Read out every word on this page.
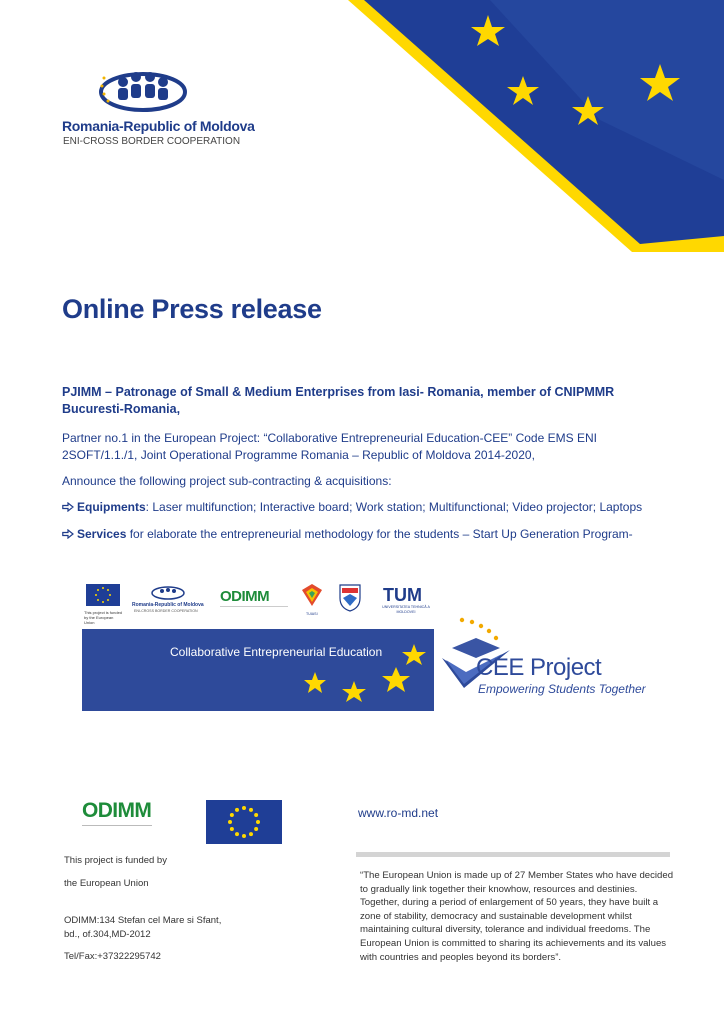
Romania-Republic of Moldova
ENI-CROSS BORDER COOPERATION
Online Press release
PJIMM – Patronage of Small & Medium Enterprises from Iasi- Romania, member of CNIPMMR Bucuresti-Romania,
Partner no.1 in the European Project: “Collaborative Entrepreneurial Education-CEE” Code EMS ENI 2SOFT/1.1./1, Joint Operational Programme Romania – Republic of Moldova 2014-2020,
Announce the following project sub-contracting & acquisitions:
Equipments: Laser multifunction; Interactive board; Work station; Multifunctional; Video projector; Laptops
Services for elaborate the entrepreneurial methodology for the students – Start Up Generation Program-
This project is funded by the European Union
Romania-Republic of Moldova
ENI-CROSS BORDER COOPERATION
ODIMM
TUIASI
TUM
UNIVERSITATEA TEHNICĂ A MOLDOVEI
Collaborative Entrepreneurial Education
CEE Project
Empowering Students Together
ODIMM	www.ro-md.net
This project is funded by
the European Union
ODIMM:134 Stefan cel Mare si Sfant, bd., of.304,MD-2012
Tel/Fax:+37322295742
“The European Union is made up of 27 Member States who have decided to gradually link together their knowhow, resources and destinies. Together, during a period of enlargement of 50 years, they have built a zone of stability, democracy and sustainable development whilst maintaining cultural diversity, tolerance and individual freedoms. The European Union is committed to sharing its achievements and its values with countries and peoples beyond its borders”.
